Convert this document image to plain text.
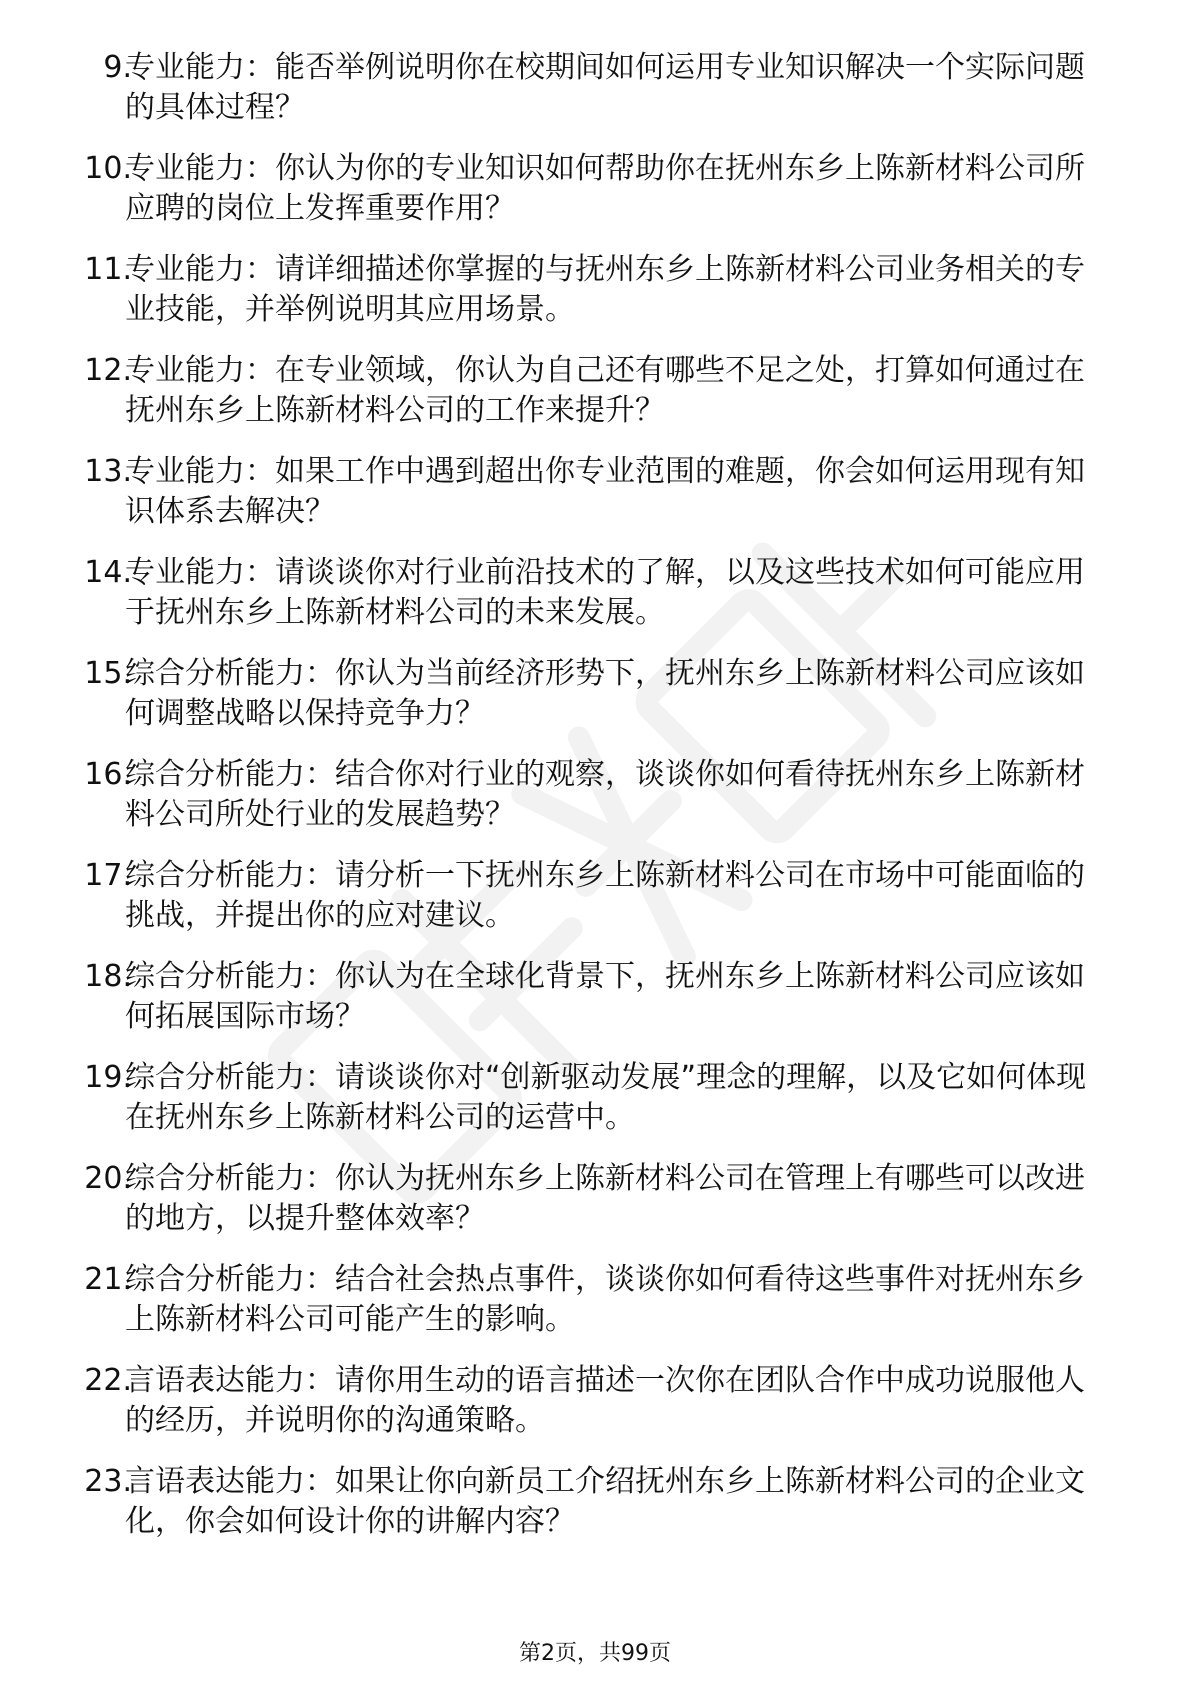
9.

专业能力：能否举例说明你在校期间如何运用专业知识解决一个实际问题的具体过程？

10.

专业能力：你认为你的专业知识如何帮助你在抚州东乡上陈新材料公司所应聘的岗位上发挥重要作用？

11.

专业能力：请详细描述你掌握的与抚州东乡上陈新材料公司业务相关的专业技能，并举例说明其应用场景。

12.

专业能力：在专业领域，你认为自己还有哪些不足之处，打算如何通过在抚州东乡上陈新材料公司的工作来提升？

13.

专业能力：如果工作中遇到超出你专业范围的难题，你会如何运用现有知识体系去解决？

14.

专业能力：请谈谈你对行业前沿技术的了解，以及这些技术如何可能应用于抚州东乡上陈新材料公司的未来发展。

15.

综合分析能力：你认为当前经济形势下，抚州东乡上陈新材料公司应该如何调整战略以保持竞争力？

16.

综合分析能力：结合你对行业的观察，谈谈你如何看待抚州东乡上陈新材料公司所处行业的发展趋势？

17.

综合分析能力：请分析一下抚州东乡上陈新材料公司在市场中可能面临的挑战，并提出你的应对建议。

18.

综合分析能力：你认为在全球化背景下，抚州东乡上陈新材料公司应该如何拓展国际市场？

19.

综合分析能力：请谈谈你对“创新驱动发展”理念的理解，以及它如何体现在抚州东乡上陈新材料公司的运营中。

20.

综合分析能力：你认为抚州东乡上陈新材料公司在管理上有哪些可以改进的地方，以提升整体效率？

21.

综合分析能力：结合社会热点事件，谈谈你如何看待这些事件对抚州东乡上陈新材料公司可能产生的影响。

22.

言语表达能力：请你用生动的语言描述一次你在团队合作中成功说服他人的经历，并说明你的沟通策略。

23.

言语表达能力：如果让你向新员工介绍抚州东乡上陈新材料公司的企业文化，你会如何设计你的讲解内容？

第2页，共99页
